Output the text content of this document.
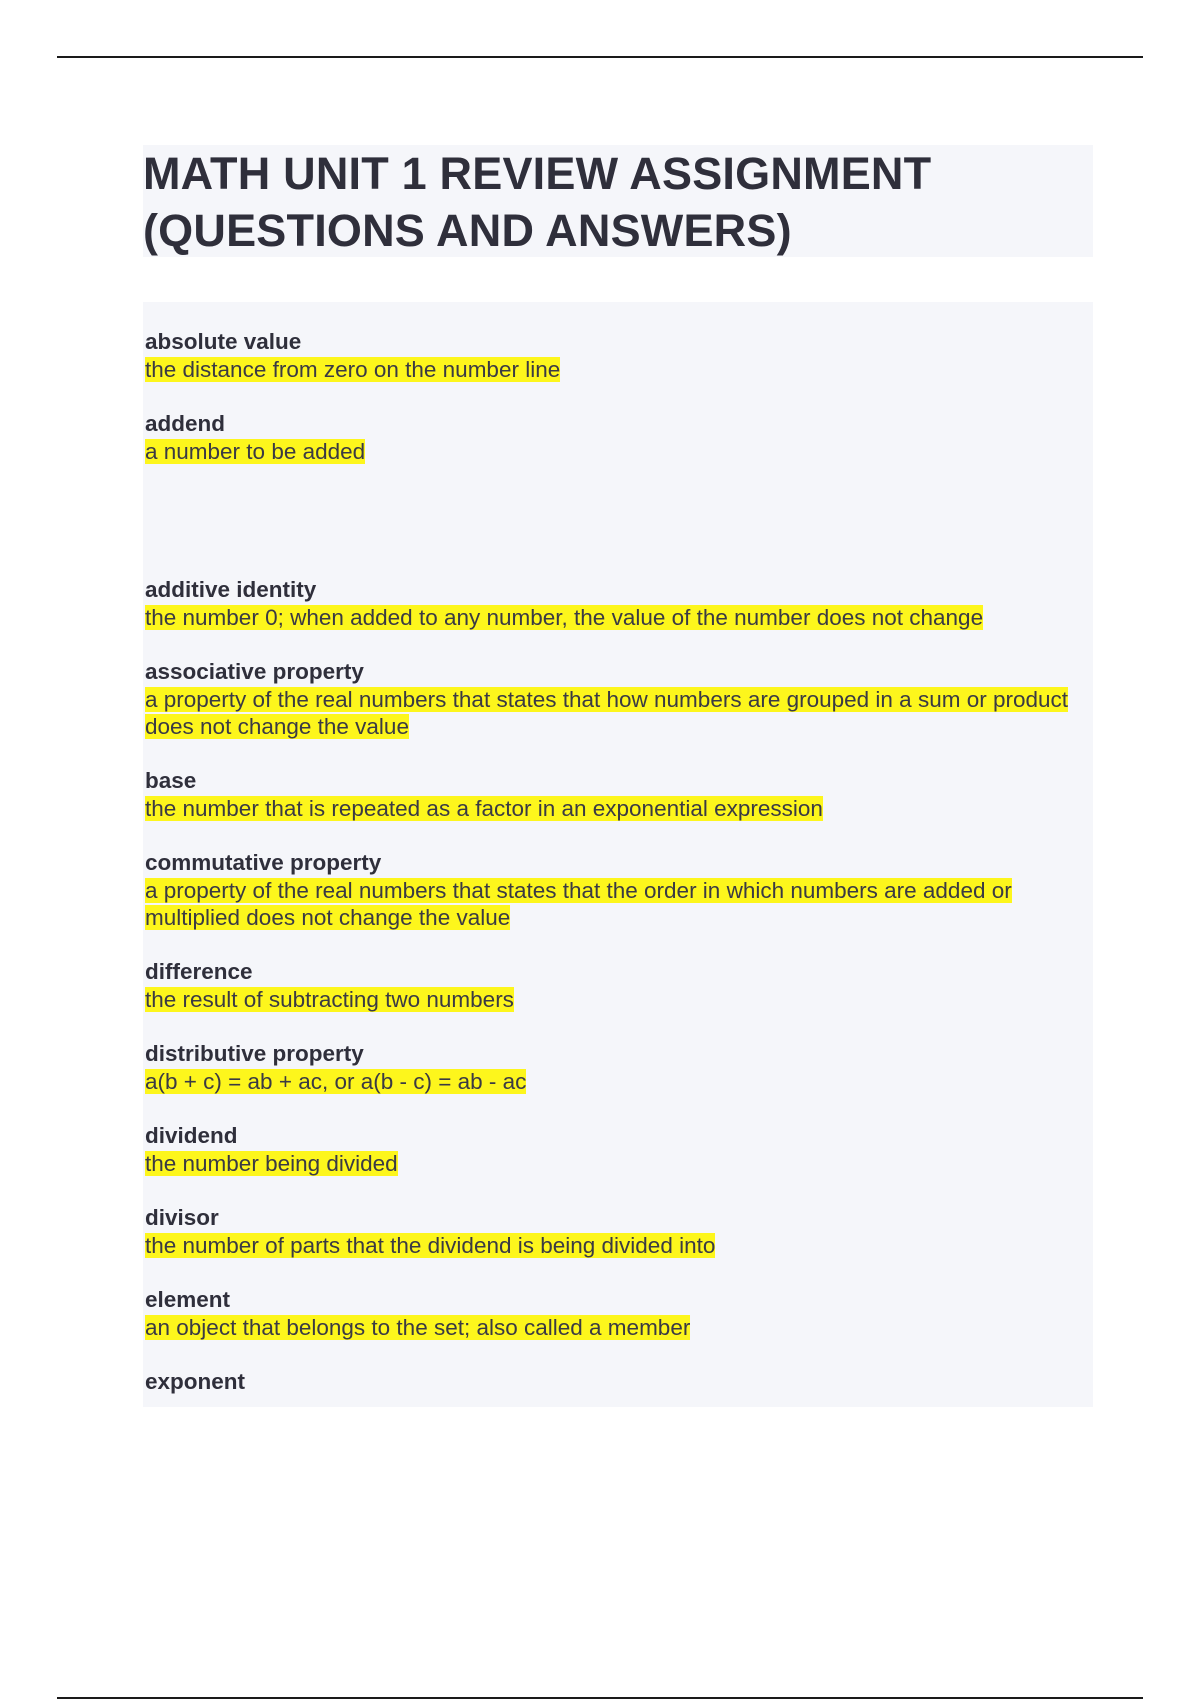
MATH UNIT 1 REVIEW ASSIGNMENT (QUESTIONS AND ANSWERS)
absolute value
the distance from zero on the number line
addend
a number to be added
additive identity
the number 0; when added to any number, the value of the number does not change
associative property
a property of the real numbers that states that how numbers are grouped in a sum or product does not change the value
base
the number that is repeated as a factor in an exponential expression
commutative property
a property of the real numbers that states that the order in which numbers are added or multiplied does not change the value
difference
the result of subtracting two numbers
distributive property
a(b + c) = ab + ac, or a(b - c) = ab - ac
dividend
the number being divided
divisor
the number of parts that the dividend is being divided into
element
an object that belongs to the set; also called a member
exponent
